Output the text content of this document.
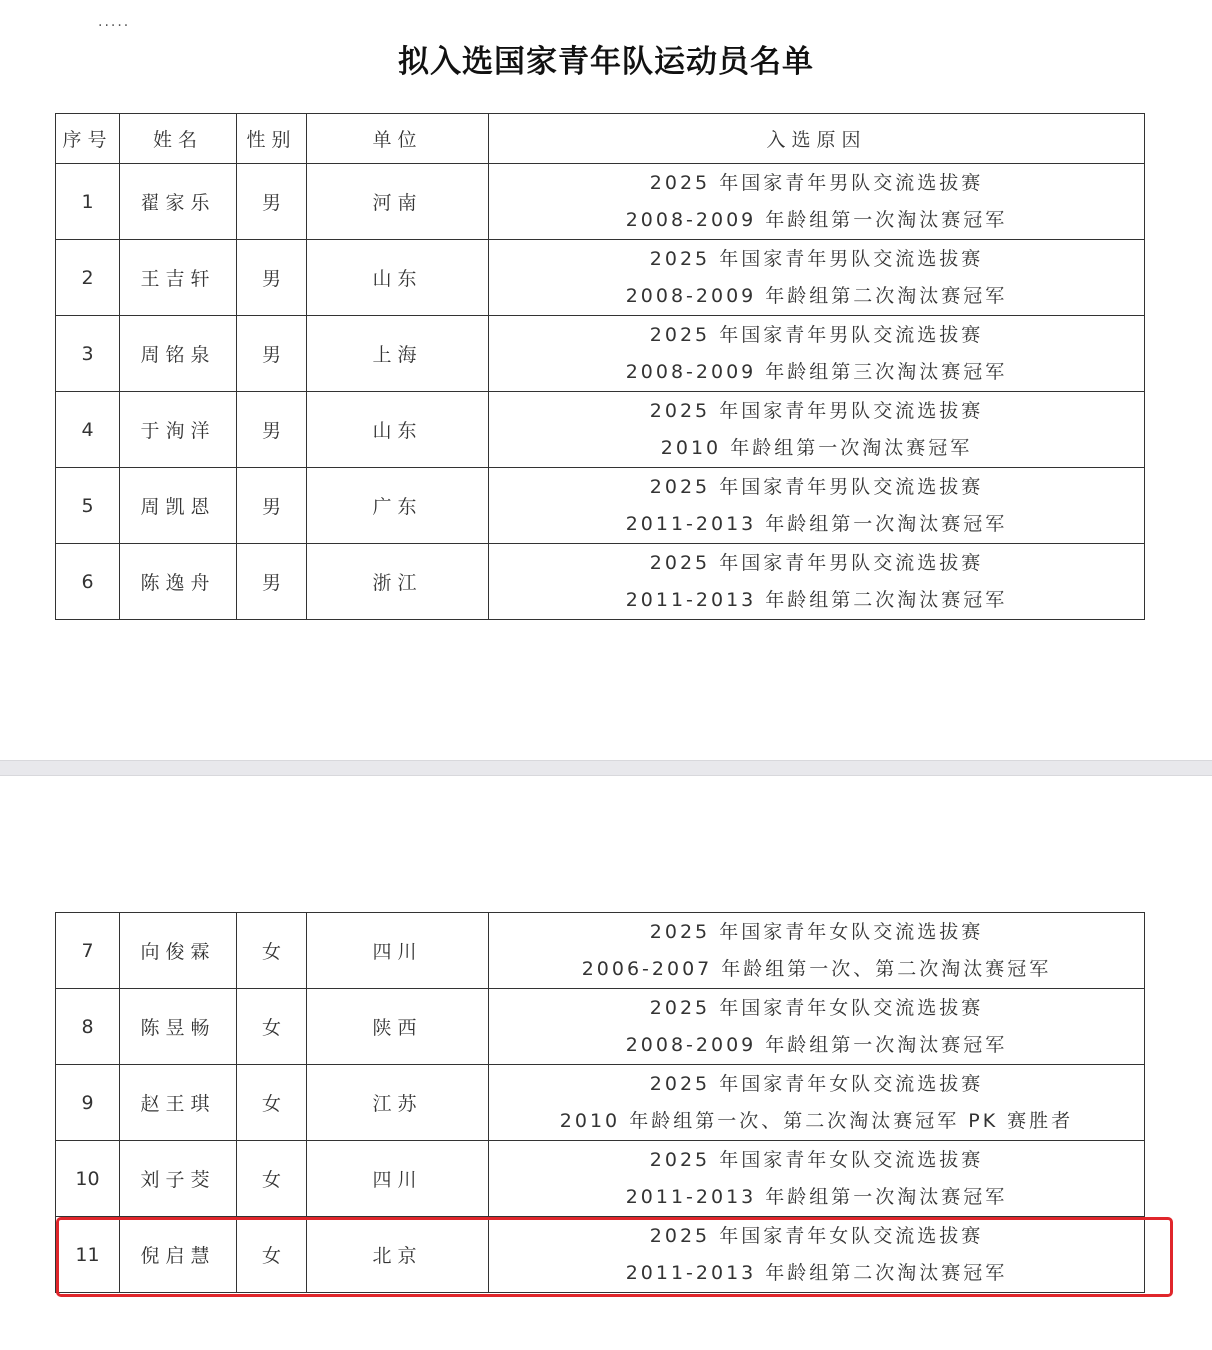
·····
拟入选国家青年队运动员名单
序号	姓名	性别	单位	入选原因
1	翟家乐	男	河南	2025 年国家青年男队交流选拔赛
2008-2009 年龄组第一次淘汰赛冠军

2	王吉轩	男	山东	2025 年国家青年男队交流选拔赛
2008-2009 年龄组第二次淘汰赛冠军

3	周铭泉	男	上海	2025 年国家青年男队交流选拔赛
2008-2009 年龄组第三次淘汰赛冠军

4	于洵洋	男	山东	2025 年国家青年男队交流选拔赛
2010 年龄组第一次淘汰赛冠军

5	周凯恩	男	广东	2025 年国家青年男队交流选拔赛
2011-2013 年龄组第一次淘汰赛冠军

6	陈逸舟	男	浙江	2025 年国家青年男队交流选拔赛
2011-2013 年龄组第二次淘汰赛冠军
7	向俊霖	女	四川	2025 年国家青年女队交流选拔赛
2006-2007 年龄组第一次、第二次淘汰赛冠军

8	陈昱畅	女	陕西	2025 年国家青年女队交流选拔赛
2008-2009 年龄组第一次淘汰赛冠军

9	赵王琪	女	江苏	2025 年国家青年女队交流选拔赛
2010 年龄组第一次、第二次淘汰赛冠军 PK 赛胜者

10	刘子茭	女	四川	2025 年国家青年女队交流选拔赛
2011-2013 年龄组第一次淘汰赛冠军

11	倪启慧	女	北京	2025 年国家青年女队交流选拔赛
2011-2013 年龄组第二次淘汰赛冠军
